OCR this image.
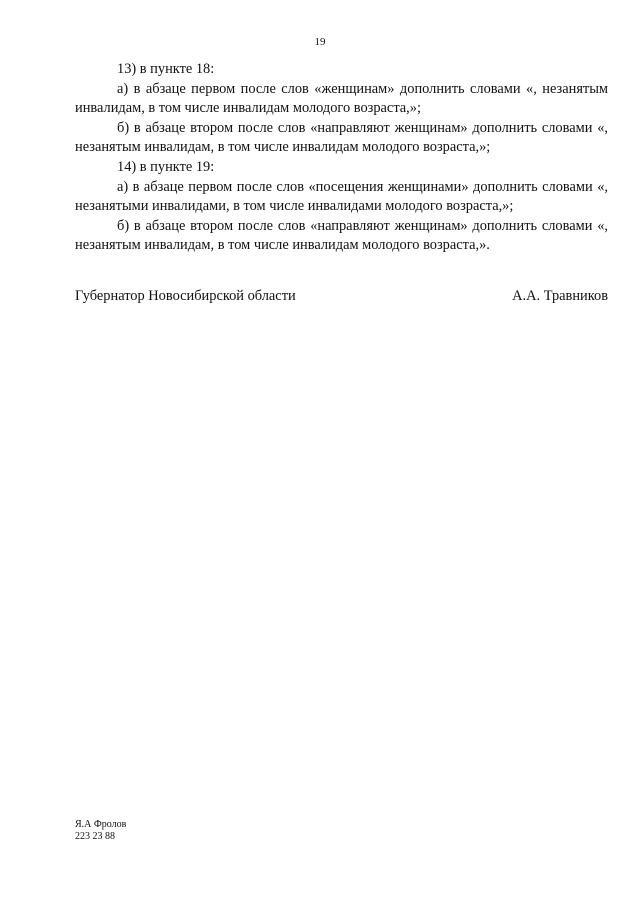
19

13) в пункте 18:

а) в абзаце первом после слов «женщинам» дополнить словами «, незанятым инвалидам, в том числе инвалидам молодого возраста,»;

б) в абзаце втором после слов «направляют женщинам» дополнить словами «, незанятым инвалидам, в том числе инвалидам молодого возраста,»;

14) в пункте 19:

а) в абзаце первом после слов «посещения женщинами» дополнить словами «, незанятыми инвалидами, в том числе инвалидами молодого возраста,»;

б) в абзаце втором после слов «направляют женщинам» дополнить словами «, незанятым инвалидам, в том числе инвалидам молодого возраста,».

Губернатор Новосибирской области	А.А. Травников
Я.А Фролов
223 23 88
